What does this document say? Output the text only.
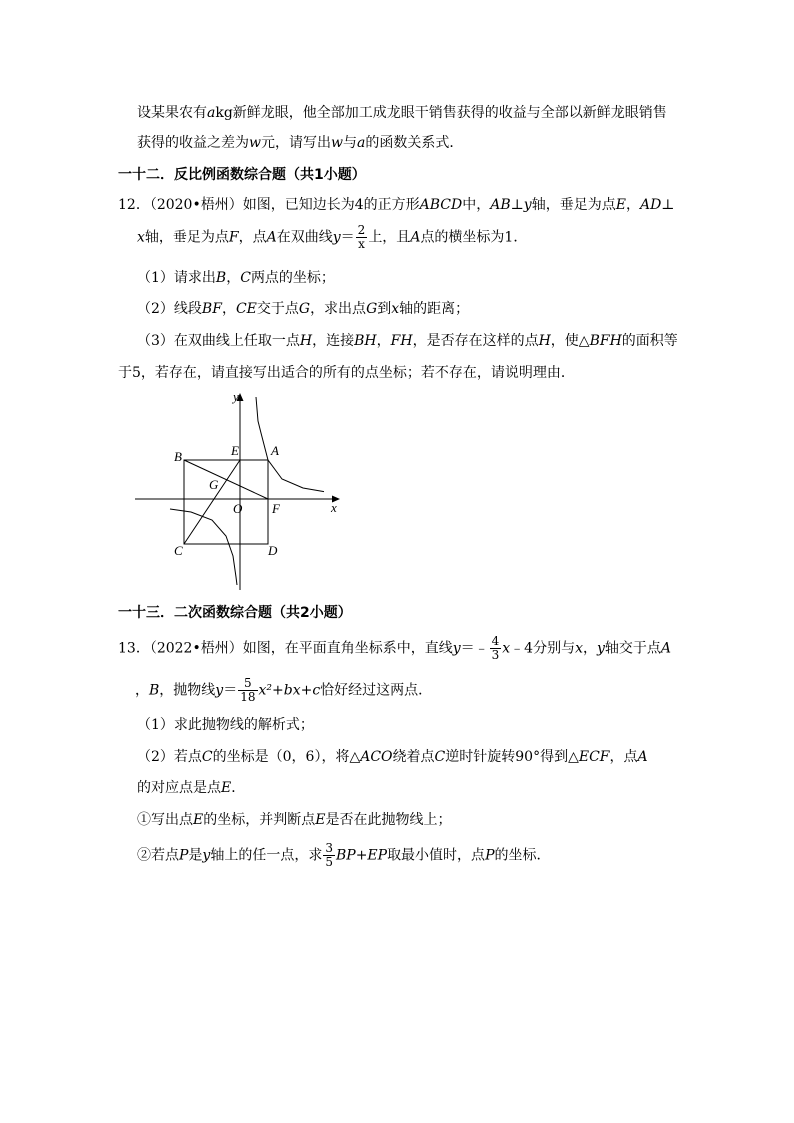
设某果农有akg新鲜龙眼，他全部加工成龙眼干销售获得的收益与全部以新鲜龙眼销售
获得的收益之差为w元，请写出w与a的函数关系式．
一十二．反比例函数综合题（共1小题）
12．（2020•梧州）如图，已知边长为4的正方形ABCD中，AB⊥y轴，垂足为点E，AD⊥
x轴，垂足为点F，点A在双曲线$y= \frac{2}{x}$ 上，且A点的横坐标为1．
（1）请求出B，C两点的坐标；
（2）线段BF，CE交于点G，求出点G到x轴的距离；
（3）在双曲线上任取一点H，连接BH，FH，是否存在这样的点H，使△BFH的面积等
于5，若存在，请直接写出适合的所有的点坐标；若不存在，请说明理由．
y
x
B	E A
G
O F
C	D
一十三．二次函数综合题（共2小题）
13．（2022•梧州）如图，在平面直角坐标系中，直线y＝﹣ $\frac{4}{3}$ x﹣4分别与x，y轴交于点A
，B，抛物线$y= \frac{5}{18} x^2+bx+c$恰好经过这两点．
（1）求此抛物线的解析式；
（2）若点C的坐标是（0，6），将△ACO绕着点C逆时针旋转90°得到△ECF，点A
的对应点是点E．
①写出点E的坐标，并判断点E是否在此抛物线上；
②若点P是y轴上的任一点，求 $\frac{3}{5} BP+EP$取最小值时，点P的坐标．
